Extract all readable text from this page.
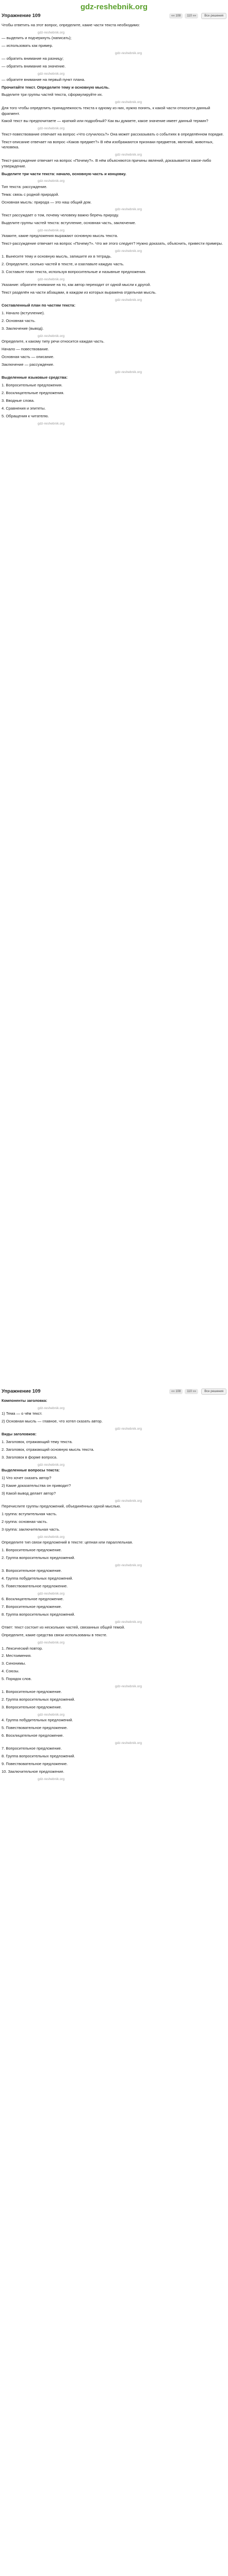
gdz-reshebnik.org
Упражнение 109	«« 108	110 »»	Все решения

Чтобы ответить на этот вопрос, определите, какие части текста необходимо:

gdz-reshebnik.org

— выделить и подчеркнуть (написать);

— использовать как пример.

gdz-reshebnik.org

— обратить внимание на разницу;

— обратить внимание на значение.

gdz-reshebnik.org

— обратите внимание на первый пункт плана.

Прочитайте текст. Определите тему и основную мысль.

Выделите три группы частей текста, сформулируйте их.

gdz-reshebnik.org

Для того чтобы определить принадлежность текста к одному из них, нужно понять, к какой части относится данный фрагмент.

Какой текст вы предпочитаете — краткий или подробный? Как вы думаете, какое значение имеет данный термин?

gdz-reshebnik.org

Текст-повествование отвечает на вопрос «Что случилось?» Она может рассказывать о событиях в определённом порядке.

Текст-описание отвечает на вопрос «Каков предмет?» В нём изображаются признаки предметов, явлений, животных, человека.

gdz-reshebnik.org

Текст-рассуждение отвечает на вопрос «Почему?». В нём объясняются причины явлений, доказывается какое-либо утверждение.

Выделите три части текста: начало, основную часть и концовку.

gdz-reshebnik.org

Тип текста: рассуждение.

Тема: связь с родной природой.

Основная мысль: природа — это наш общий дом.

gdz-reshebnik.org

Текст рассуждает о том, почему человеку важно беречь природу.

Выделите группы частей текста: вступление, основная часть, заключение.

gdz-reshebnik.org

Укажите, какие предложения выражают основную мысль текста.

Текст-рассуждение отвечает на вопрос «Почему?». Что же этого следует? Нужно доказать, объяснить, привести примеры.

gdz-reshebnik.org

1. Вынесите тему и основную мысль, запишите их в тетрадь.

2. Определите, сколько частей в тексте, и озаглавьте каждую часть.

3. Составьте план текста, используя вопросительные и назывные предложения.

gdz-reshebnik.org

Указание: обратите внимание на то, как автор переходит от одной мысли к другой.

Текст разделён на части абзацами, в каждом из которых выражена отдельная мысль.

gdz-reshebnik.org

Составленный план по частям текста:

1. Начало (вступление).

2. Основная часть.

3. Заключение (вывод).

gdz-reshebnik.org

Определите, к какому типу речи относится каждая часть.

Начало — повествование.

Основная часть — описание.

Заключение — рассуждение.

gdz-reshebnik.org

Выделенные языковые средства:

1. Вопросительные предложения.

2. Восклицательные предложения.

3. Вводные слова.

4. Сравнения и эпитеты.

5. Обращения к читателю.

gdz-reshebnik.org

Упражнение 109	«« 108	110 »»	Все решения

Компоненты заголовка:

gdz-reshebnik.org

1) Тема — о чём текст.

2) Основная мысль — главное, что хотел сказать автор.

gdz-reshebnik.org

Виды заголовков:

1. Заголовок, отражающий тему текста.

2. Заголовок, отражающий основную мысль текста.

3. Заголовок в форме вопроса.

gdz-reshebnik.org

Выделенные вопросы текста:

1) Что хочет сказать автор?

2) Какие доказательства он приводит?

3) Какой вывод делает автор?

gdz-reshebnik.org

Перечислите группы предложений, объединённых одной мыслью.

1 группа: вступительная часть.

2 группа: основная часть.

3 группа: заключительная часть.

gdz-reshebnik.org

Определите тип связи предложений в тексте: цепная или параллельная.

1. Вопросительное предложение.

2. Группа вопросительных предложений.

gdz-reshebnik.org

3. Вопросительное предложение.

4. Группа побудительных предложений.

5. Повествовательное предложение.

gdz-reshebnik.org

6. Восклицательное предложение.

7. Вопросительное предложение.

8. Группа вопросительных предложений.

gdz-reshebnik.org

Ответ: текст состоит из нескольких частей, связанных общей темой.

Определите, какие средства связи использованы в тексте.

gdz-reshebnik.org

1. Лексический повтор.

2. Местоимения.

3. Синонимы.

4. Союзы.

5. Порядок слов.

gdz-reshebnik.org

1. Вопросительное предложение.

2. Группа вопросительных предложений.

3. Вопросительное предложение.

gdz-reshebnik.org

4. Группа побудительных предложений.

5. Повествовательное предложение.

6. Восклицательное предложение.

gdz-reshebnik.org

7. Вопросительное предложение.

8. Группа вопросительных предложений.

9. Повествовательное предложение.

10. Заключительное предложение.

gdz-reshebnik.org
